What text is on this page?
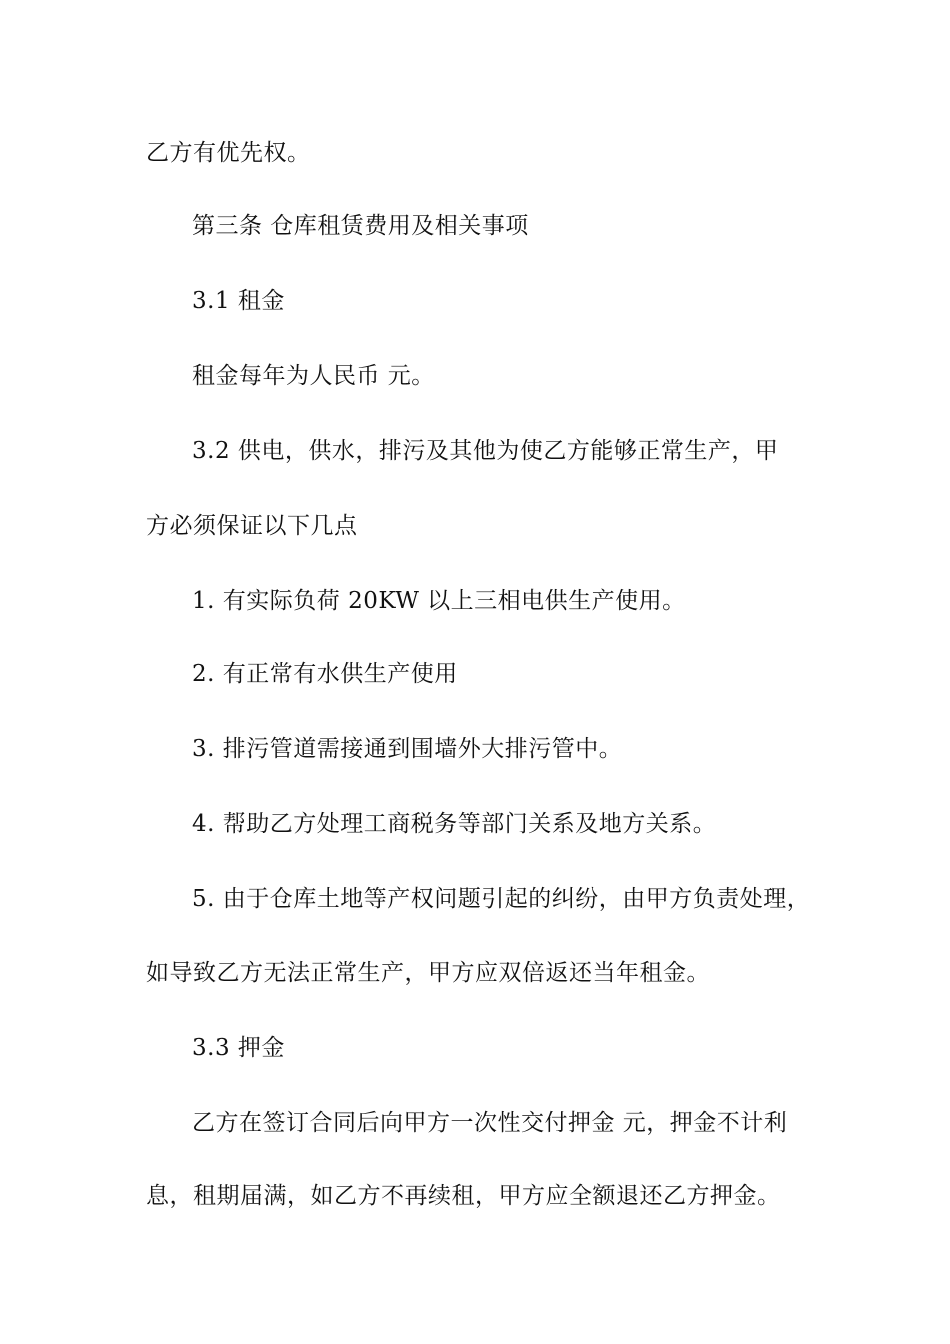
乙方有优先权。
第三条 仓库租赁费用及相关事项
3.1 租金
租金每年为人民币 元。
3.2 供电，供水，排污及其他为使乙方能够正常生产，甲
方必须保证以下几点
1. 有实际负荷 20KW 以上三相电供生产使用。
2. 有正常有水供生产使用
3. 排污管道需接通到围墙外大排污管中。
4. 帮助乙方处理工商税务等部门关系及地方关系。
5. 由于仓库土地等产权问题引起的纠纷，由甲方负责处理，
如导致乙方无法正常生产，甲方应双倍返还当年租金。
3.3 押金
乙方在签订合同后向甲方一次性交付押金 元，押金不计利
息，租期届满，如乙方不再续租，甲方应全额退还乙方押金。
